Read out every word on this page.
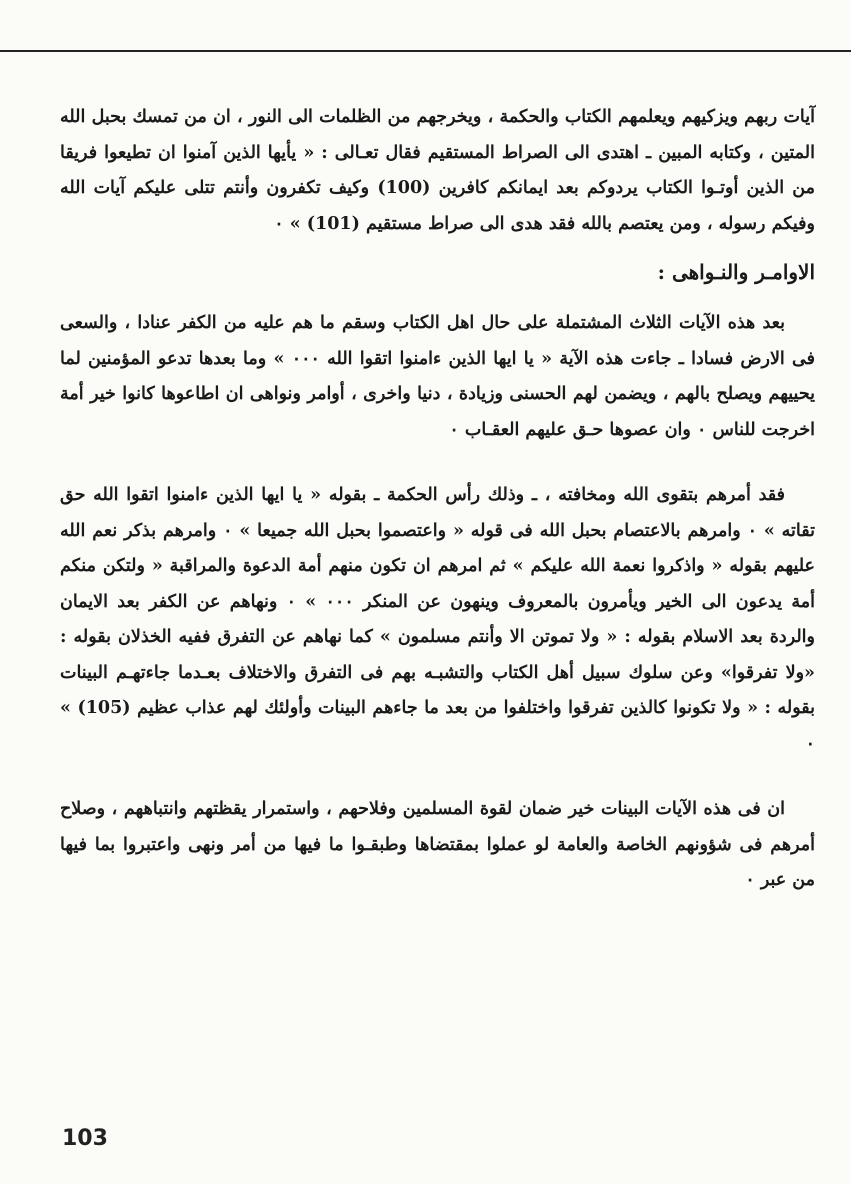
آيات ربهم ويزكيهم ويعلمهم الكتاب والحكمة ، ويخرجهم من الظلمات الى النور ، ان من تمسك بحبل الله المتين ، وكتابه المبين ـ اهتدى الى الصراط المستقيم فقال تعـالى : « يأيها الذين آمنوا ان تطيعوا فريقا من الذين أوتـوا الكتاب يردوكم بعد ايمانكم كافرين (100) وكيف تكفرون وأنتم تتلى عليكم آيات الله وفيكم رسوله ، ومن يعتصم بالله فقد هدى الى صراط مستقيم (101) » ٠

الاوامـر والنـواهى :

بعد هذه الآيات الثلاث المشتملة على حال اهل الكتاب وسقم ما هم عليه من الكفر عنادا ، والسعى فى الارض فسادا ـ جاءت هذه الآية « يا ايها الذين ءامنوا اتقوا الله ٠٠٠ » وما بعدها تدعو المؤمنين لما يحييهم ويصلح بالهم ، ويضمن لهم الحسنى وزيادة ، دنيا واخرى ، أوامر ونواهى ان اطاعوها كانوا خير أمة اخرجت للناس ٠ وان عصوها حـق عليهم العقـاب ٠

فقد أمرهم بتقوى الله ومخافته ، ـ وذلك رأس الحكمة ـ بقوله « يا ايها الذين ءامنوا اتقوا الله حق تقاته » ٠ وامرهم بالاعتصام بحبل الله فى قوله « واعتصموا بحبل الله جميعا » ٠ وامرهم بذكر نعم الله عليهم بقوله « واذكروا نعمة الله عليكم » ثم امرهم ان تكون منهم أمة الدعوة والمراقبة « ولتكن منكم أمة يدعون الى الخير ويأمرون بالمعروف وينهون عن المنكر ٠٠٠ » ٠ ونهاهم عن الكفر بعد الايمان والردة بعد الاسلام بقوله : « ولا تموتن الا وأنتم مسلمون » كما نهاهم عن التفرق ففيه الخذلان بقوله : «ولا تفرقوا» وعن سلوك سبيل أهل الكتاب والتشبـه بهم فى التفرق والاختلاف بعـدما جاءتهـم البينات بقوله : « ولا تكونوا كالذين تفرقوا واختلفوا من بعد ما جاءهم البينات وأولئك لهم عذاب عظيم (105) » ٠

ان فى هذه الآيات البينات خير ضمان لقوة المسلمين وفلاحهم ، واستمرار يقظتهم وانتباههم ، وصلاح أمرهم فى شؤونهم الخاصة والعامة لو عملوا بمقتضاها وطبقـوا ما فيها من أمر ونهى واعتبروا بما فيها من عبر ٠

103
